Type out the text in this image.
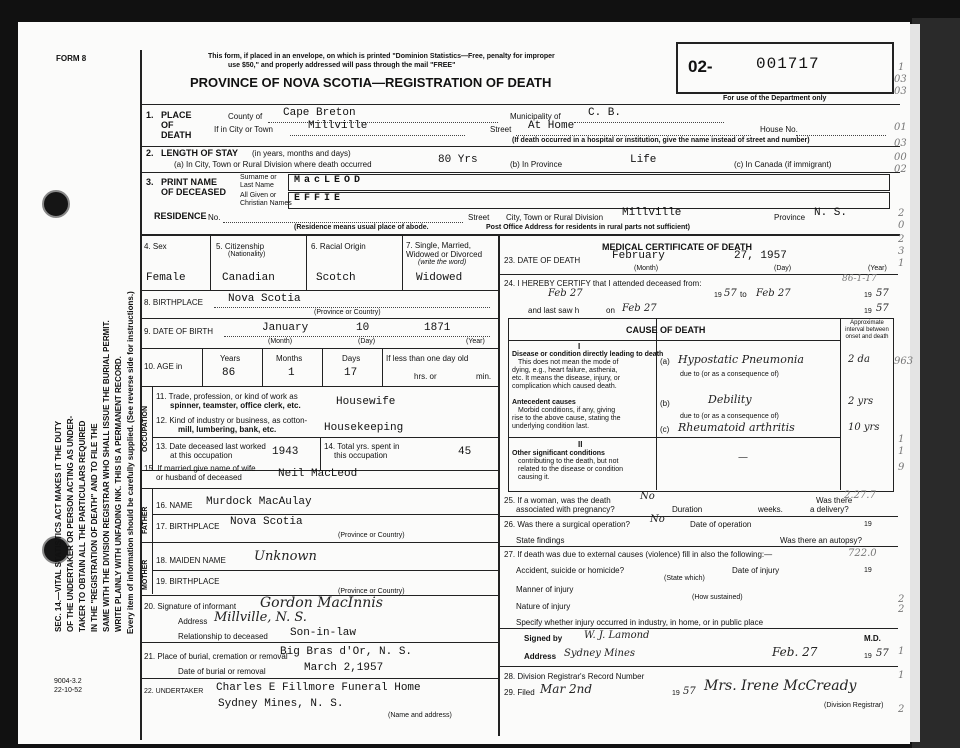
FORM 8	This form, if placed in an envelope, on which is printed "Dominion Statistics—Free, penalty for improper
use $50," and properly addressed will pass through the mail "FREE"
PROVINCE OF NOVA SCOTIA—REGISTRATION OF DEATH
02-	001717
For use of the Department only
SEC. 14.—VITAL STATISTICS ACT MAKES IT THE DUTY OF THE UNDERTAKER OR PERSON ACTING AS UNDER- TAKER TO OBTAIN ALL THE PARTICULARS REQUIRED IN THE "REGISTRATION OF DEATH" AND TO FILE THE SAME WITH THE DIVISION REGISTRAR WHO SHALL ISSUE THE BURIAL PERMIT. WRITE PLAINLY WITH UNFADING INK. THIS IS A PERMANENT RECORD. Every item of information should be carefully supplied. (See reverse side for instructions.)
1. PLACE
OF
DEATH
County of Cape Breton	Municipality of C. B.
If in City or Town	Millville	Street At Home	House No.
(If death occurred in a hospital or institution, give the name instead of street and number)
2. LENGTH OF STAY (in years, months and days)
(a) In City, Town or Rural Division where death occurred	80 Yrs	(b) In Province	Life	(c) In Canada (if immigrant)
3. PRINT NAME
OF DECEASED
Surname or
Last Name MacLEOD
All Given or
Christian Names EFFIE
RESIDENCE No.	Street City, Town or Rural Division Millville	Province N. S.
(Residence means usual place of abode.	Post Office Address for residents in rural parts not sufficient)
4. Sex
Female
5. Citizenship
(Nationality)
Canadian
6. Racial Origin
Scotch
7. Single, Married,
Widowed or Divorced
(write the word)
Widowed
8. BIRTHPLACE Nova Scotia
(Province or Country)
9. DATE OF BIRTH	January	10	1871
(Month)	(Day)	(Year)
10. AGE in
Years	Months	Days
86	1	17
If less than one day old
hrs. or	min.
OCCUPATION
11. Trade, profession, or kind of work as
spinner, teamster, office clerk, etc.	Housewife
12. Kind of industry or business, as cotton-
mill, lumbering, bank, etc.	Housekeeping
13. Date deceased last worked
at this occupation	1943	14. Total yrs. spent in
this occupation	45
15. If married give name of wife
or husband of deceased	Neil MacLeod
FATHER
MOTHER
16. NAME Murdock MacAulay
17. BIRTHPLACE Nova Scotia
(Province or Country)
18. MAIDEN NAME Unknown
19. BIRTHPLACE
(Province or Country)
20. Signature of informant Gordon MacInnis
Address Millville, N. S.
Relationship to deceased Son-in-law
21. Place of burial, cremation or removal
Big Bras d'Or, N. S.
Date of burial or removal	March 2,1957
22. UNDERTAKER Charles E Fillmore Funeral Home
Sydney Mines, N. S.
(Name and address)
9004-3.2
22-10-52
MEDICAL CERTIFICATE OF DEATH
23. DATE OF DEATH	February	27, 1957
(Month)	(Day)	(Year)
24. I HEREBY CERTIFY that I attended deceased from:
Feb 27	19 57 to Feb 27	19 57
and last saw h	on Feb 27	19 57
CAUSE OF DEATH
Approximate interval between onset and death
I
Disease or condition directly leading to death
This does not mean the mode of
dying, e.g., heart failure, asthenia,
etc. It means the disease, injury, or
complication which caused death.
(a) Hypostatic Pneumonia	2 da
due to (or as a consequence of)
Antecedent causes
Morbid conditions, if any, giving
rise to the above cause, stating the
underlying condition last.
(b)	Debility	2 yrs
due to (or as a consequence of)
(c) Rheumatoid arthritis	10 yrs
II
Other significant conditions
contributing to the death, but not
related to the disease or condition
causing it.
—
25. If a woman, was the death
associated with pregnancy?
No
Duration	weeks.
Was there
a delivery?
26. Was there a surgical operation? No	Date of operation	19
State findings	Was there an autopsy?
27. If death was due to external causes (violence) fill in also the following:—
Accident, suicide or homicide?
(State which)
Date of injury	19
Manner of injury
(How sustained)
Nature of injury
Specify whether injury occurred in industry, in home, or in public place
Signed by W. J. Lamond	M.D.
Address Sydney Mines	Feb. 27	19 57
28. Division Registrar's Record Number
29. Filed Mar 2nd	19 57 Mrs. Irene McCready
(Division Registrar)
1
03
03
01
03
00
02
2
0
2
3
1
963
1
1
9
2.27.7
722.0
2
2
1
1
86-1-17
2
